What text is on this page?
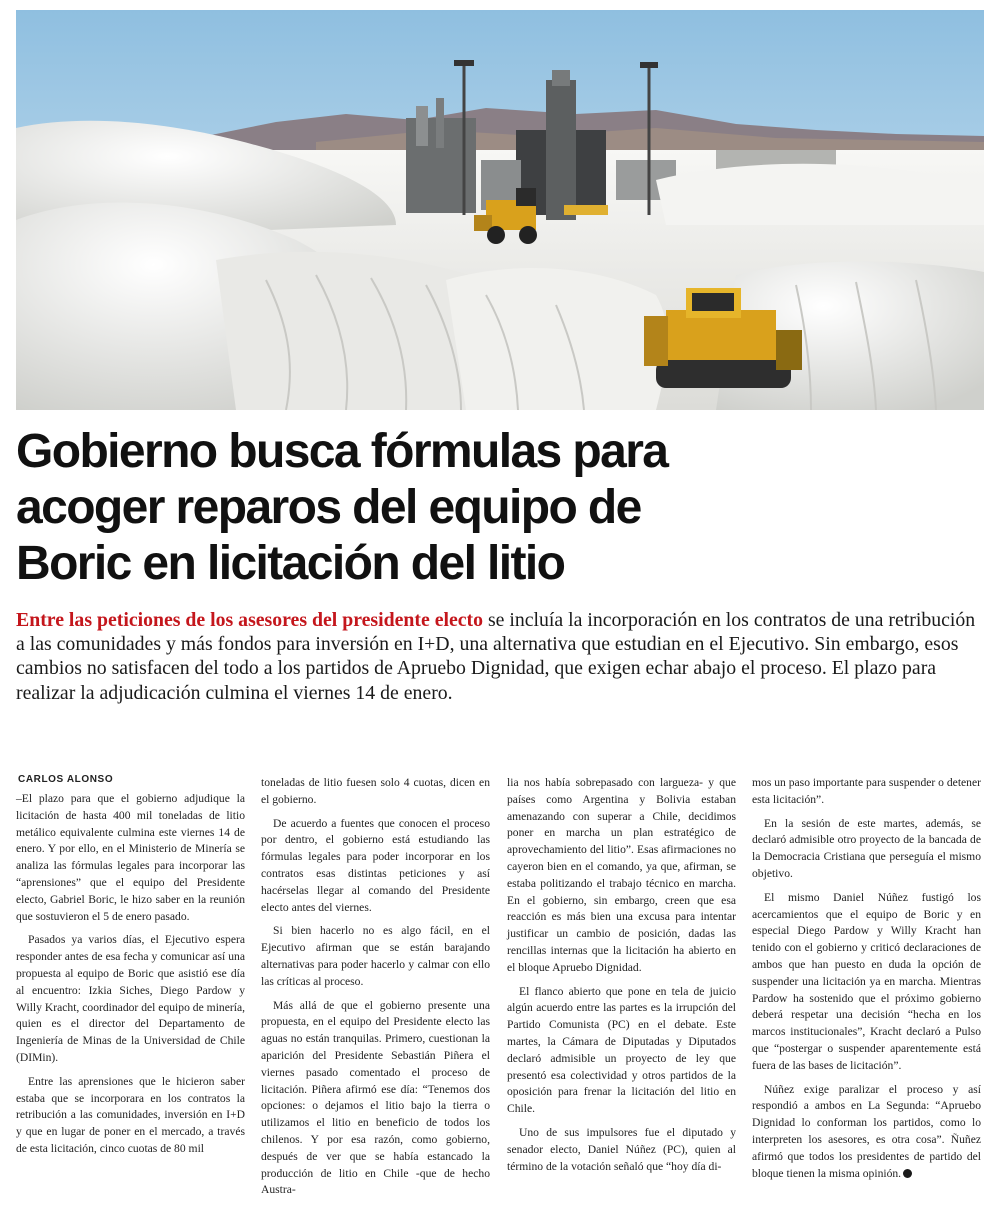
Gobierno busca fórmulas para
acoger reparos del equipo de
Boric en licitación del litio

Entre las peticiones de los asesores del presidente electo se incluía la incorporación en los contratos de una retribución a las comunidades y más fondos para inversión en I+D, una alternativa que estudian en el Ejecutivo. Sin embargo, esos cambios no satisfacen del todo a los partidos de Apruebo Dignidad, que exigen echar abajo el proceso. El plazo para realizar la adjudicación culmina el viernes 14 de enero.

CARLOS ALONSO

–El plazo para que el gobierno adjudique la licitación de hasta 400 mil toneladas de litio metálico equivalente culmina este viernes 14 de enero. Y por ello, en el Ministerio de Minería se analiza las fórmulas legales para incorporar las “aprensiones” que el equipo del Presidente electo, Gabriel Boric, le hizo saber en la reunión que sostuvieron el 5 de enero pasado.

Pasados ya varios días, el Ejecutivo espera responder antes de esa fecha y comunicar así una propuesta al equipo de Boric que asistió ese día al encuentro: Izkia Siches, Diego Pardow y Willy Kracht, coordinador del equipo de minería, quien es el director del Departamento de Ingeniería de Minas de la Universidad de Chile (DIMin).

Entre las aprensiones que le hicieron saber estaba que se incorporara en los contratos la retribución a las comunidades, inversión en I+D y que en lugar de poner en el mercado, a través de esta licitación, cinco cuotas de 80 mil

toneladas de litio fuesen solo 4 cuotas, dicen en el gobierno.

De acuerdo a fuentes que conocen el proceso por dentro, el gobierno está estudiando las fórmulas legales para poder incorporar en los contratos esas distintas peticiones y así hacérselas llegar al comando del Presidente electo antes del viernes.

Si bien hacerlo no es algo fácil, en el Ejecutivo afirman que se están barajando alternativas para poder hacerlo y calmar con ello las críticas al proceso.

Más allá de que el gobierno presente una propuesta, en el equipo del Presidente electo las aguas no están tranquilas. Primero, cuestionan la aparición del Presidente Sebastián Piñera el viernes pasado comentado el proceso de licitación. Piñera afirmó ese día: “Tenemos dos opciones: o dejamos el litio bajo la tierra o utilizamos el litio en beneficio de todos los chilenos. Y por esa razón, como gobierno, después de ver que se había estancado la producción de litio en Chile -que de hecho Austra-

lia nos había sobrepasado con largueza- y que países como Argentina y Bolivia estaban amenazando con superar a Chile, decidimos poner en marcha un plan estratégico de aprovechamiento del litio”. Esas afirmaciones no cayeron bien en el comando, ya que, afirman, se estaba politizando el trabajo técnico en marcha. En el gobierno, sin embargo, creen que esa reacción es más bien una excusa para intentar justificar un cambio de posición, dadas las rencillas internas que la licitación ha abierto en el bloque Apruebo Dignidad.

El flanco abierto que pone en tela de juicio algún acuerdo entre las partes es la irrupción del Partido Comunista (PC) en el debate. Este martes, la Cámara de Diputadas y Diputados declaró admisible un proyecto de ley que presentó esa colectividad y otros partidos de la oposición para frenar la licitación del litio en Chile.

Uno de sus impulsores fue el diputado y senador electo, Daniel Núñez (PC), quien al término de la votación señaló que “hoy día di-

mos un paso importante para suspender o detener esta licitación”.

En la sesión de este martes, además, se declaró admisible otro proyecto de la bancada de la Democracia Cristiana que perseguía el mismo objetivo.

El mismo Daniel Núñez fustigó los acercamientos que el equipo de Boric y en especial Diego Pardow y Willy Kracht han tenido con el gobierno y criticó declaraciones de ambos que han puesto en duda la opción de suspender una licitación ya en marcha. Mientras Pardow ha sostenido que el próximo gobierno deberá respetar una decisión “hecha en los marcos institucionales”, Kracht declaró a Pulso que “postergar o suspender aparentemente está fuera de las bases de licitación”.

Núñez exige paralizar el proceso y así respondió a ambos en La Segunda: “Apruebo Dignidad lo conforman los partidos, como lo interpreten los asesores, es otra cosa”. Ñuñez afirmó que todos los presidentes de partido del bloque tienen la misma opinión. P
